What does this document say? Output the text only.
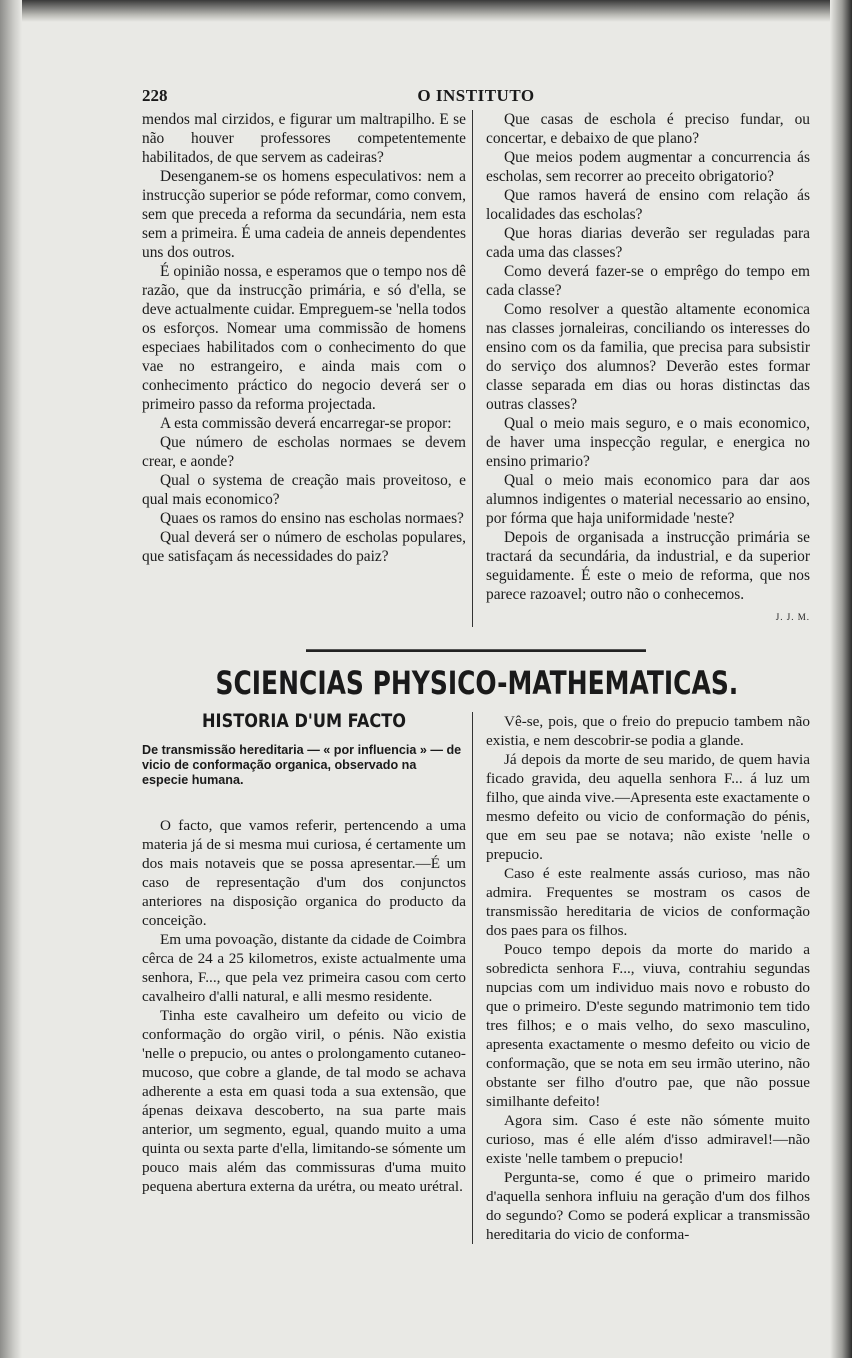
228	O INSTITUTO

mendos mal cirzidos, e figurar um maltrapilho. E se não houver professores competentemente habilitados, de que servem as cadeiras?

Desenganem-se os homens especulativos: nem a instrucção superior se póde reformar, como convem, sem que preceda a reforma da secundária, nem esta sem a primeira. É uma cadeia de anneis dependentes uns dos outros.

É opinião nossa, e esperamos que o tempo nos dê razão, que da instrucção primária, e só d'ella, se deve actualmente cuidar. Empreguem-se 'nella todos os esforços. Nomear uma commissão de homens especiaes habilitados com o conhecimento do que vae no estrangeiro, e ainda mais com o conhecimento práctico do negocio deverá ser o primeiro passo da reforma projectada.

A esta commissão deverá encarregar-se propor:

Que número de escholas normaes se devem crear, e aonde?

Qual o systema de creação mais proveitoso, e qual mais economico?

Quaes os ramos do ensino nas escholas normaes?

Qual deverá ser o número de escholas populares, que satisfaçam ás necessidades do paiz?

Que casas de eschola é preciso fundar, ou concertar, e debaixo de que plano?

Que meios podem augmentar a concurrencia ás escholas, sem recorrer ao preceito obrigatorio?

Que ramos haverá de ensino com relação ás localidades das escholas?

Que horas diarias deverão ser reguladas para cada uma das classes?

Como deverá fazer-se o emprêgo do tempo em cada classe?

Como resolver a questão altamente economica nas classes jornaleiras, conciliando os interesses do ensino com os da familia, que precisa para subsistir do serviço dos alumnos? Deverão estes formar classe separada em dias ou horas distinctas das outras classes?

Qual o meio mais seguro, e o mais economico, de haver uma inspecção regular, e energica no ensino primario?

Qual o meio mais economico para dar aos alumnos indigentes o material necessario ao ensino, por fórma que haja uniformidade 'neste?

Depois de organisada a instrucção primária se tractará da secundária, da industrial, e da superior seguidamente. É este o meio de reforma, que nos parece razoavel; outro não o conhecemos.

J. J. M.
SCIENCIAS PHYSICO-MATHEMATICAS.
HISTORIA D'UM FACTO

De transmissão hereditaria — « por influencia » — de vicio de conformação organica, observado na especie humana.

O facto, que vamos referir, pertencendo a uma materia já de si mesma mui curiosa, é certamente um dos mais notaveis que se possa apresentar.—É um caso de representação d'um dos conjunctos anteriores na disposição organica do producto da conceição.

Em uma povoação, distante da cidade de Coimbra cêrca de 24 a 25 kilometros, existe actualmente uma senhora, F..., que pela vez primeira casou com certo cavalheiro d'alli natural, e alli mesmo residente.

Tinha este cavalheiro um defeito ou vicio de conformação do orgão viril, o pénis. Não existia 'nelle o prepucio, ou antes o prolongamento cutaneo-mucoso, que cobre a glande, de tal modo se achava adherente a esta em quasi toda a sua extensão, que ápenas deixava descoberto, na sua parte mais anterior, um segmento, egual, quando muito a uma quinta ou sexta parte d'ella, limitando-se sómente um pouco mais além das commissuras d'uma muito pequena abertura externa da urétra, ou meato urétral.

Vê-se, pois, que o freio do prepucio tambem não existia, e nem descobrir-se podia a glande.

Já depois da morte de seu marido, de quem havia ficado gravida, deu aquella senhora F... á luz um filho, que ainda vive.—Apresenta este exactamente o mesmo defeito ou vicio de conformação do pénis, que em seu pae se notava; não existe 'nelle o prepucio.

Caso é este realmente assás curioso, mas não admira. Frequentes se mostram os casos de transmissão hereditaria de vicios de conformação dos paes para os filhos.

Pouco tempo depois da morte do marido a sobredicta senhora F..., viuva, contrahiu segundas nupcias com um individuo mais novo e robusto do que o primeiro. D'este segundo matrimonio tem tido tres filhos; e o mais velho, do sexo masculino, apresenta exactamente o mesmo defeito ou vicio de conformação, que se nota em seu irmão uterino, não obstante ser filho d'outro pae, que não possue similhante defeito!

Agora sim. Caso é este não sómente muito curioso, mas é elle além d'isso admiravel!—não existe 'nelle tambem o prepucio!

Pergunta-se, como é que o primeiro marido d'aquella senhora influiu na geração d'um dos filhos do segundo? Como se poderá explicar a transmissão hereditaria do vicio de conforma-
